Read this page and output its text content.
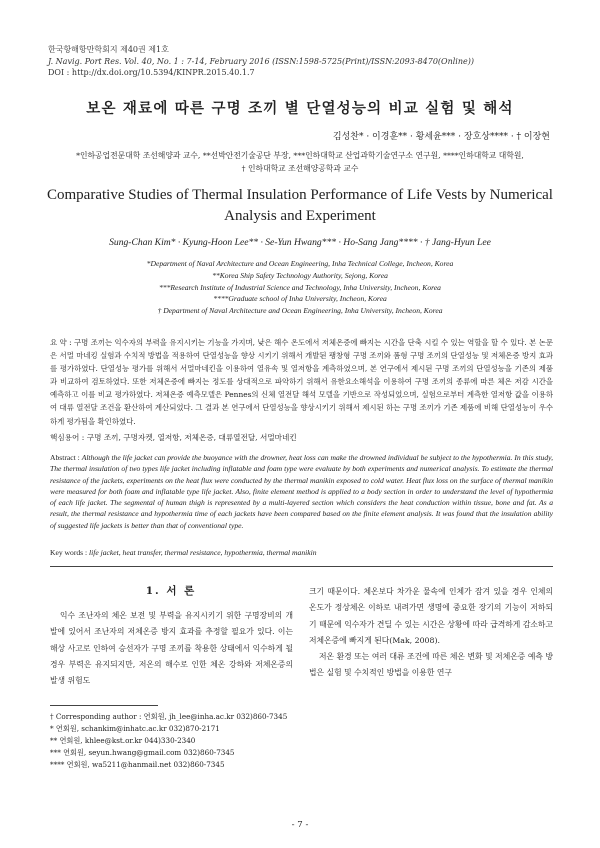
한국항해항만학회지 제40권 제1호
J. Navig. Port Res. Vol. 40, No. 1 : 7-14, February 2016 (ISSN:1598-5725(Print)/ISSN:2093-8470(Online))
DOI : http://dx.doi.org/10.5394/KINPR.2015.40.1.7
보온 재료에 따른 구명 조끼 별 단열성능의 비교 실험 및 해석
김성찬* · 이경훈** · 황세윤*** · 장호상**** · † 이장현
*인하공업전문대학 조선해양과 교수, **선박안전기술공단 부장, ***인하대학교 산업과학기술연구소 연구원, ****인하대학교 대학원,
† 인하대학교 조선해양공학과 교수
Comparative Studies of Thermal Insulation Performance of Life Vests by Numerical
Analysis and Experiment
Sung-Chan Kim* · Kyung-Hoon Lee** · Se-Yun Hwang*** · Ho-Sang Jang**** · † Jang-Hyun Lee
*Department of Naval Architecture and Ocean Engineering, Inha Technical College, Incheon, Korea
**Korea Ship Safety Technology Authority, Sejong, Korea
***Research Institute of Industrial Science and Technology, Inha University, Incheon, Korea
****Graduate school of Inha University, Incheon, Korea
† Department of Naval Architecture and Ocean Engineering, Inha University, Incheon, Korea
요 약 : 구명 조끼는 익수자의 부력을 유지시키는 기능을 가지며, 낮은 해수 온도에서 저체온증에 빠지는 시간을 단축 시킬 수 있는 역할을 할 수 있다. 본 논문은 서멀 마네킹 실험과 수치적 방법을 적용하여 단열성능을 향상 시키기 위해서 개발된 팽창형 구명 조끼와 폼형 구명 조끼의 단열성능 및 저체온증 방지 효과를 평가하였다. 단열성능 평가를 위해서 서멀마네킨을 이용하여 열유속 및 열저항을 계측하였으며, 본 연구에서 제시된 구명 조끼의 단열성능을 기존의 제품과 비교하여 검토하였다. 또한 저체온증에 빠지는 정도를 상대적으로 파악하기 위해서 유한요소해석을 이용하여 구명 조끼의 종류에 따른 체온 저감 시간을 예측하고 이를 비교 평가하였다. 저체온증 예측모델은 Pennes의 신체 열전달 해석 모델을 기반으로 작성되었으며, 실험으로부터 계측한 열저항 값을 이용하여 대류 열전달 조건을 환산하여 계산되었다. 그 결과 본 연구에서 단열성능을 향상시키기 위해서 제시된 하는 구명 조끼가 기존 제품에 비해 단열성능이 우수하게 평가됨을 확인하였다.
핵심용어 : 구명 조끼, 구명자켓, 열저항, 저체온증, 대류열전달, 서멀마네킨
Abstract : Although the life jacket can provide the buoyance with the drowner, heat loss can make the drowned individual be subject to the hypothermia. In this study, The thermal insulation of two types life jacket including inflatable and foam type were evaluate by both experiments and numerical analysis. To estimate the thermal resistance of the jackets, experiments on the heat flux were conducted by the thermal manikin exposed to cold water. Heat flux loss on the surface of thermal manikin were measured for both foam and inflatable type life jacket. Also, finite element method is applied to a body section in order to understand the level of hypothermia of each life jacket. The segmental of human thigh is represented by a multi-layered section which considers the heat conduction within tissue, bone and fat. As a result, the thermal resistance and hypothermia time of each jackets have been compared based on the finite element analysis. It was found that the insulation ability of suggested life jackets is better than that of conventional type.
Key words : life jacket, heat transfer, thermal resistance, hypothermia, thermal manikin
1. 서 론
익수 조난자의 체온 보전 및 부력을 유지시키기 위한 구명장비의 개발에 있어서 조난자의 저체온증 방지 효과를 추정할 필요가 있다. 이는 해상 사고로 인하여 승선자가 구명 조끼를 착용한 상태에서 익수하게 될 경우 부력은 유지되지만, 저온의 해수로 인한 체온 강하와 저체온증의 발생 위험도
크기 때문이다. 체온보다 차가운 물속에 인체가 잠겨 있을 경우 인체의 온도가 정상체온 이하로 내려가면 생명에 중요한 장기의 기능이 저하되기 때문에 익수자가 견딜 수 있는 시간은 상황에 따라 급격하게 감소하고 저체온증에 빠지게 된다(Mak, 2008).
저온 환경 또는 여러 대류 조건에 따른 체온 변화 및 저체온증 예측 방법은 실험 및 수치적인 방법을 이용한 연구
† Corresponding author : 연회원, jh_lee@inha.ac.kr 032)860-7345
* 연회원, schankim@inhatc.ac.kr 032)870-2171
** 연회원, khlee@kst.or.kr 044)330-2340
*** 연회원, seyun.hwang@gmail.com 032)860-7345
**** 연회원, wa5211@hanmail.net 032)860-7345
- 7 -
